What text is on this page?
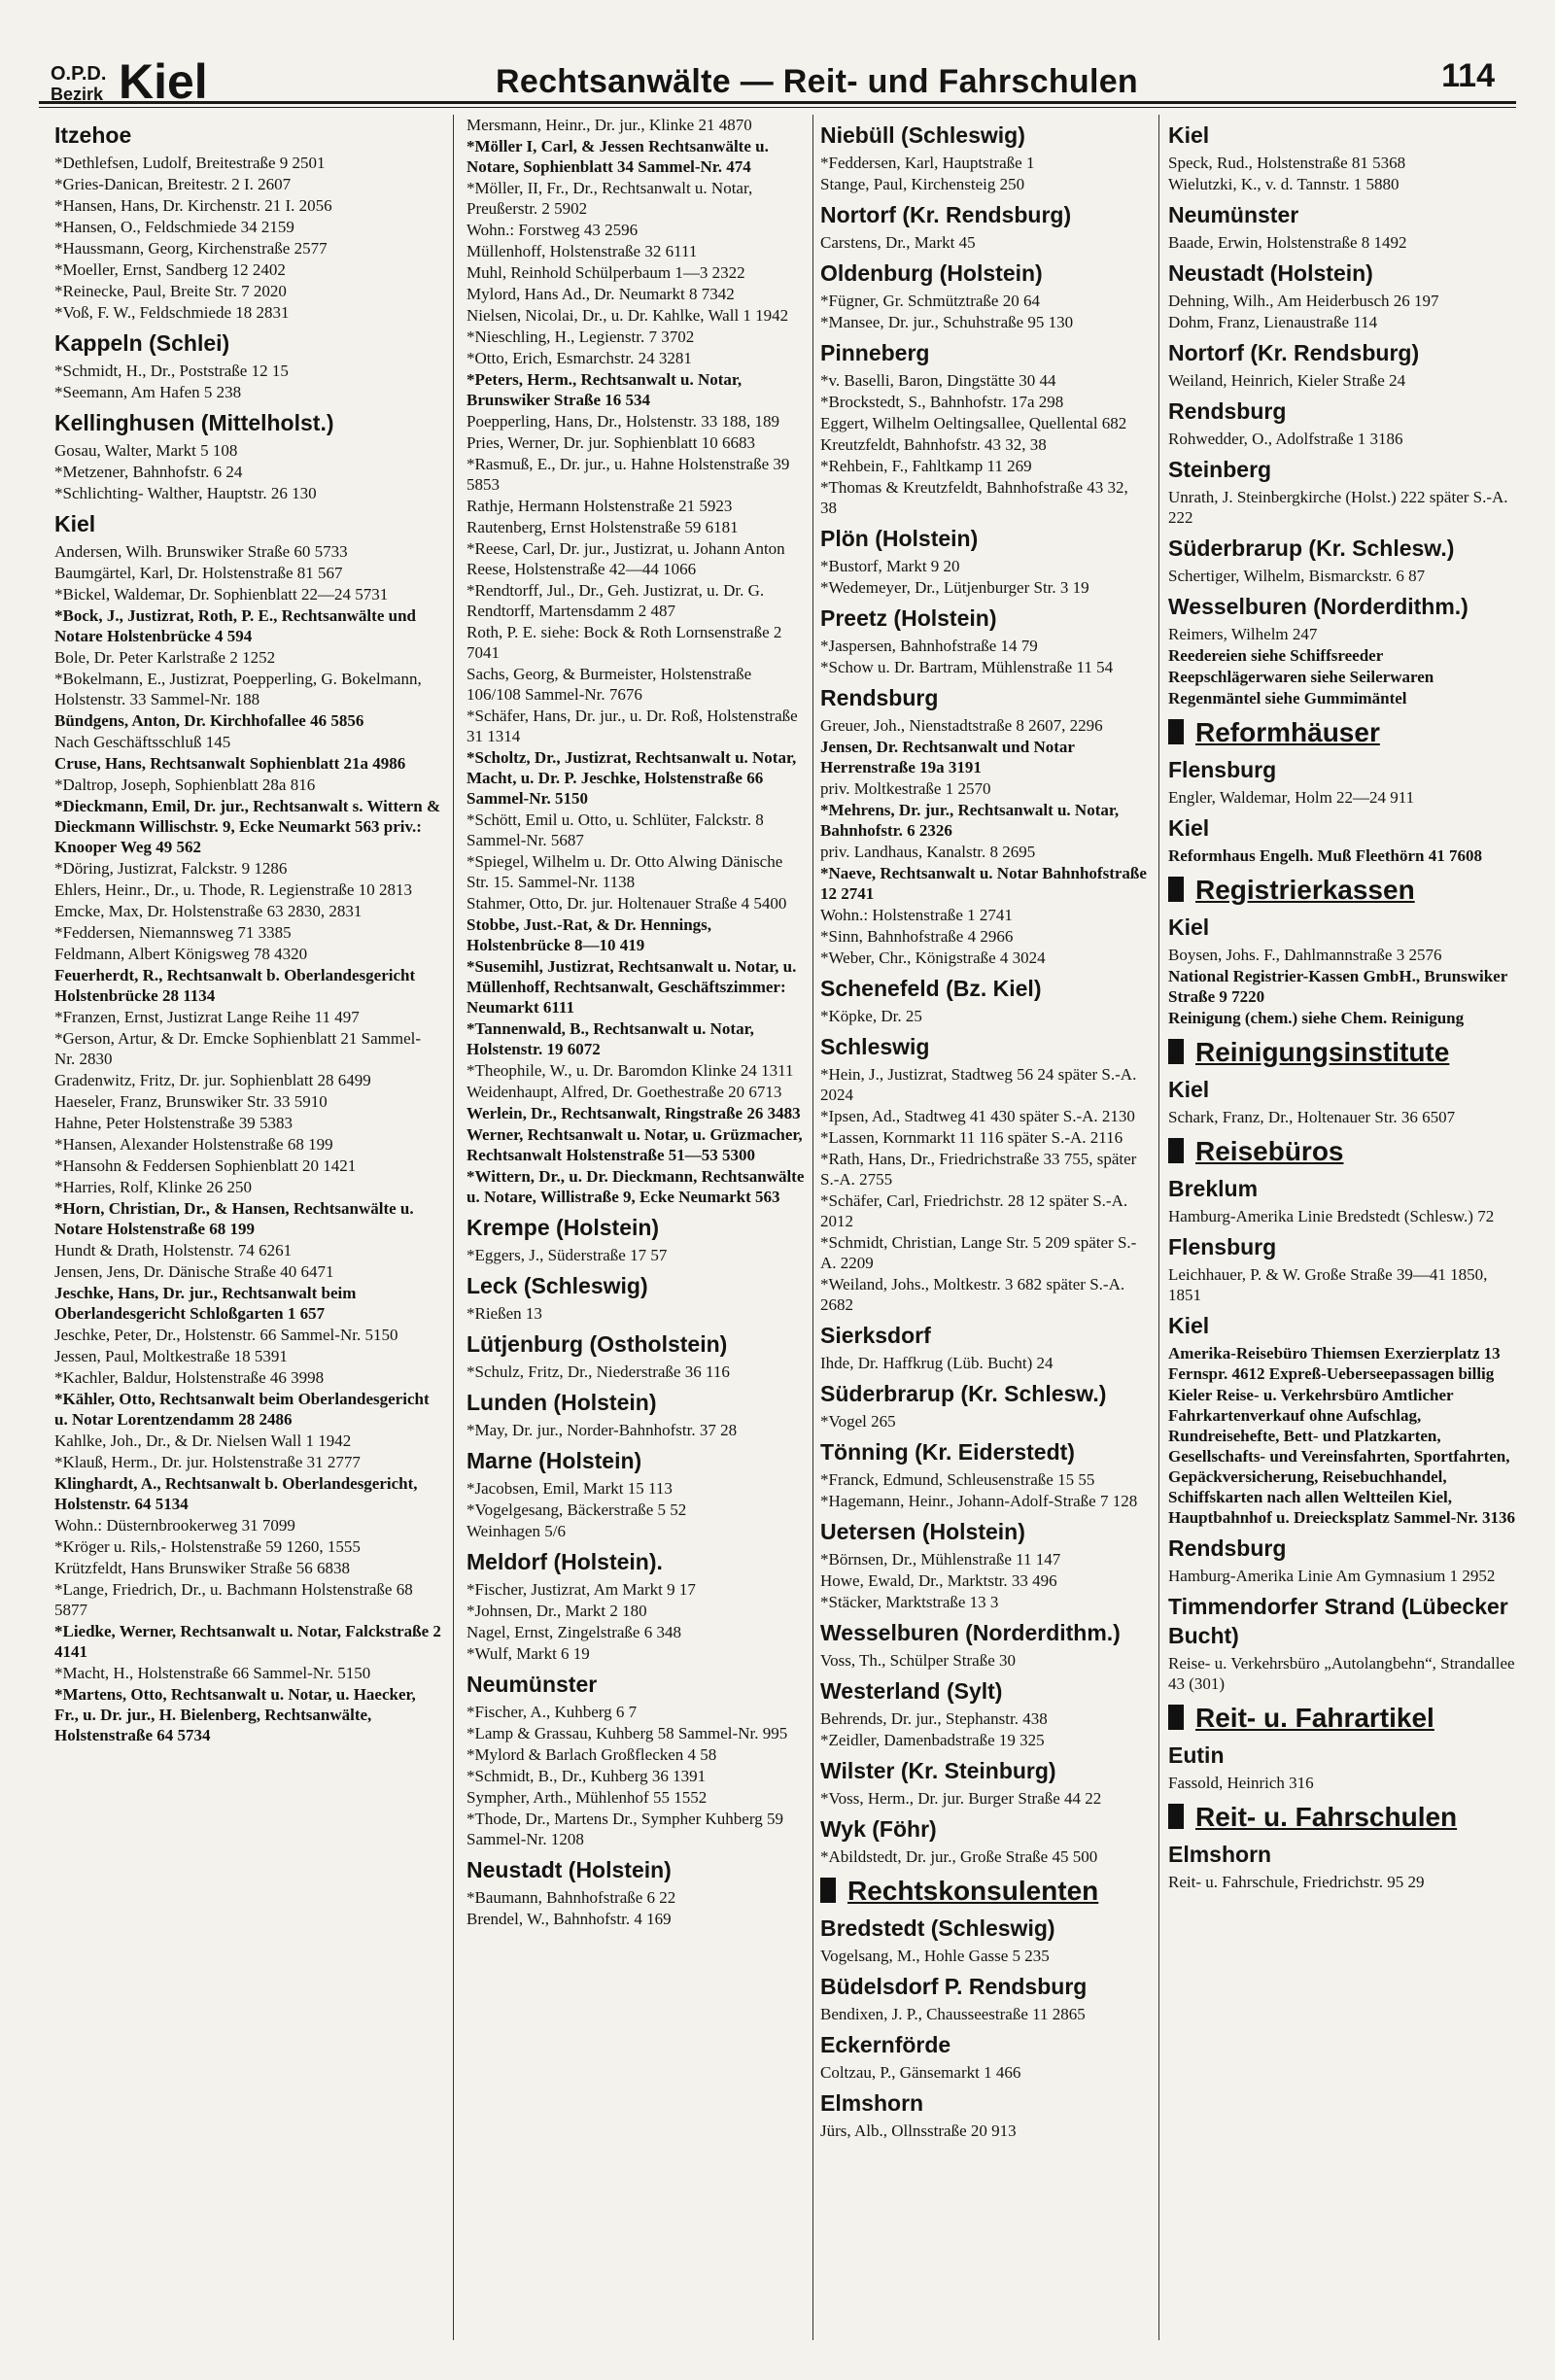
O.P.D.
Bezirk Kiel	Rechtsanwälte — Reit- und Fahrschulen	114
Itzehoe
*Dethlefsen, Ludolf, Breitestraße 9 2501
*Gries-Danican, Breitestr. 2 I. 2607
*Hansen, Hans, Dr. Kirchenstr. 21 I. 2056
*Hansen, O., Feldschmiede 34 2159
*Haussmann, Georg, Kirchenstraße 2577
*Moeller, Ernst, Sandberg 12 2402
*Reinecke, Paul, Breite Str. 7 2020
*Voß, F. W., Feldschmiede 18 2831
Kappeln (Schlei)
*Schmidt, H., Dr., Poststraße 12 15
*Seemann, Am Hafen 5 238
Kellinghusen (Mittelholst.)
Gosau, Walter, Markt 5 108
*Metzener, Bahnhofstr. 6 24
*Schlichting- Walther, Hauptstr. 26 130
Kiel
Andersen, Wilh. Brunswiker Straße 60 5733
Baumgärtel, Karl, Dr. Holstenstraße 81 567
*Bickel, Waldemar, Dr. Sophienblatt 22—24 5731
*Bock, J., Justizrat, Roth, P. E., Rechtsanwälte und Notare Holstenbrücke 4 594
Bole, Dr. Peter Karlstraße 2 1252
*Bokelmann, E., Justizrat, Poepperling, G. Bokelmann, Holstenstr. 33 Sammel-Nr. 188
Bündgens, Anton, Dr. Kirchhofallee 46 5856
Nach Geschäftsschluß 145
Cruse, Hans, Rechtsanwalt Sophienblatt 21a 4986
*Daltrop, Joseph, Sophienblatt 28a 816
*Dieckmann, Emil, Dr. jur., Rechtsanwalt s. Wittern & Dieckmann Willischstr. 9, Ecke Neumarkt 563 priv.: Knooper Weg 49 562
*Döring, Justizrat, Falckstr. 9 1286
Ehlers, Heinr., Dr., u. Thode, R. Legienstraße 10 2813
Emcke, Max, Dr. Holstenstraße 63 2830, 2831
*Feddersen, Niemannsweg 71 3385
Feldmann, Albert Königsweg 78 4320
Feuerherdt, R., Rechtsanwalt b. Oberlandesgericht Holstenbrücke 28 1134
*Franzen, Ernst, Justizrat Lange Reihe 11 497
*Gerson, Artur, & Dr. Emcke Sophienblatt 21 Sammel-Nr. 2830
Gradenwitz, Fritz, Dr. jur. Sophienblatt 28 6499
Haeseler, Franz, Brunswiker Str. 33 5910
Hahne, Peter Holstenstraße 39 5383
*Hansen, Alexander Holstenstraße 68 199
*Hansohn & Feddersen Sophienblatt 20 1421
*Harries, Rolf, Klinke 26 250
*Horn, Christian, Dr., & Hansen, Rechtsanwälte u. Notare Holstenstraße 68 199
Hundt & Drath, Holstenstr. 74 6261
Jensen, Jens, Dr. Dänische Straße 40 6471
Jeschke, Hans, Dr. jur., Rechtsanwalt beim Oberlandesgericht Schloßgarten 1 657
Jeschke, Peter, Dr., Holstenstr. 66 Sammel-Nr. 5150
Jessen, Paul, Moltkestraße 18 5391
*Kachler, Baldur, Holstenstraße 46 3998
*Kähler, Otto, Rechtsanwalt beim Oberlandesgericht u. Notar Lorentzendamm 28 2486
Kahlke, Joh., Dr., & Dr. Nielsen Wall 1 1942
*Klauß, Herm., Dr. jur. Holstenstraße 31 2777
Klinghardt, A., Rechtsanwalt b. Oberlandesgericht, Holstenstr. 64 5134
Wohn.: Düsternbrookerweg 31 7099
*Kröger u. Rils,- Holstenstraße 59 1260, 1555
Krützfeldt, Hans Brunswiker Straße 56 6838
*Lange, Friedrich, Dr., u. Bachmann Holstenstraße 68 5877
*Liedke, Werner, Rechtsanwalt u. Notar, Falckstraße 2 4141
*Macht, H., Holstenstraße 66 Sammel-Nr. 5150
*Martens, Otto, Rechtsanwalt u. Notar, u. Haecker, Fr., u. Dr. jur., H. Bielenberg, Rechtsanwälte, Holstenstraße 64 5734
Mersmann, Heinr., Dr. jur., Klinke 21 4870
*Möller I, Carl, & Jessen Rechtsanwälte u. Notare, Sophienblatt 34 Sammel-Nr. 474
*Möller, II, Fr., Dr., Rechtsanwalt u. Notar, Preußerstr. 2 5902
Wohn.: Forstweg 43 2596
Müllenhoff, Holstenstraße 32 6111
Muhl, Reinhold Schülperbaum 1—3 2322
Mylord, Hans Ad., Dr. Neumarkt 8 7342
Nielsen, Nicolai, Dr., u. Dr. Kahlke, Wall 1 1942
*Nieschling, H., Legienstr. 7 3702
*Otto, Erich, Esmarchstr. 24 3281
*Peters, Herm., Rechtsanwalt u. Notar, Brunswiker Straße 16 534
Poepperling, Hans, Dr., Holstenstr. 33 188, 189
Pries, Werner, Dr. jur. Sophienblatt 10 6683
*Rasmuß, E., Dr. jur., u. Hahne Holstenstraße 39 5853
Rathje, Hermann Holstenstraße 21 5923
Rautenberg, Ernst Holstenstraße 59 6181
*Reese, Carl, Dr. jur., Justizrat, u. Johann Anton Reese, Holstenstraße 42—44 1066
*Rendtorff, Jul., Dr., Geh. Justizrat, u. Dr. G. Rendtorff, Martensdamm 2 487
Roth, P. E. siehe: Bock & Roth Lornsenstraße 2 7041
Sachs, Georg, & Burmeister, Holstenstraße 106/108 Sammel-Nr. 7676
*Schäfer, Hans, Dr. jur., u. Dr. Roß, Holstenstraße 31 1314
*Scholtz, Dr., Justizrat, Rechtsanwalt u. Notar, Macht, u. Dr. P. Jeschke, Holstenstraße 66 Sammel-Nr. 5150
*Schött, Emil u. Otto, u. Schlüter, Falckstr. 8 Sammel-Nr. 5687
*Spiegel, Wilhelm u. Dr. Otto Alwing Dänische Str. 15. Sammel-Nr. 1138
Stahmer, Otto, Dr. jur. Holtenauer Straße 4 5400
Stobbe, Just.-Rat, & Dr. Hennings, Holstenbrücke 8—10 419
*Susemihl, Justizrat, Rechtsanwalt u. Notar, u. Müllenhoff, Rechtsanwalt, Geschäftszimmer: Neumarkt 6111
*Tannenwald, B., Rechtsanwalt u. Notar, Holstenstr. 19 6072
*Theophile, W., u. Dr. Baromdon Klinke 24 1311
Weidenhaupt, Alfred, Dr. Goethestraße 20 6713
Werlein, Dr., Rechtsanwalt, Ringstraße 26 3483
Werner, Rechtsanwalt u. Notar, u. Grüzmacher, Rechtsanwalt Holstenstraße 51—53 5300
*Wittern, Dr., u. Dr. Dieckmann, Rechtsanwälte u. Notare, Willistraße 9, Ecke Neumarkt 563
Krempe (Holstein)
*Eggers, J., Süderstraße 17 57
Leck (Schleswig)
*Rießen 13
Lütjenburg (Ostholstein)
*Schulz, Fritz, Dr., Niederstraße 36 116
Lunden (Holstein)
*May, Dr. jur., Norder-Bahnhofstr. 37 28
Marne (Holstein)
*Jacobsen, Emil, Markt 15 113
*Vogelgesang, Bäckerstraße 5 52
Weinhagen 5/6
Meldorf (Holstein).
*Fischer, Justizrat, Am Markt 9 17
*Johnsen, Dr., Markt 2 180
Nagel, Ernst, Zingelstraße 6 348
*Wulf, Markt 6 19
Neumünster
*Fischer, A., Kuhberg 6 7
*Lamp & Grassau, Kuhberg 58 Sammel-Nr. 995
*Mylord & Barlach Großflecken 4 58
*Schmidt, B., Dr., Kuhberg 36 1391
Sympher, Arth., Mühlenhof 55 1552
*Thode, Dr., Martens Dr., Sympher Kuhberg 59 Sammel-Nr. 1208
Neustadt (Holstein)
*Baumann, Bahnhofstraße 6 22
Brendel, W., Bahnhofstr. 4 169
Niebüll (Schleswig)
*Feddersen, Karl, Hauptstraße 1
Stange, Paul, Kirchensteig 250
Nortorf (Kr. Rendsburg)
Carstens, Dr., Markt 45
Oldenburg (Holstein)
*Fügner, Gr. Schmütztraße 20 64
*Mansee, Dr. jur., Schuhstraße 95 130
Pinneberg
*v. Baselli, Baron, Dingstätte 30 44
*Brockstedt, S., Bahnhofstr. 17a 298
Eggert, Wilhelm Oeltingsallee, Quellental 682
Kreutzfeldt, Bahnhofstr. 43 32, 38
*Rehbein, F., Fahltkamp 11 269
*Thomas & Kreutzfeldt, Bahnhofstraße 43 32, 38
Plön (Holstein)
*Bustorf, Markt 9 20
*Wedemeyer, Dr., Lütjenburger Str. 3 19
Preetz (Holstein)
*Jaspersen, Bahnhofstraße 14 79
*Schow u. Dr. Bartram, Mühlenstraße 11 54
Rendsburg
Greuer, Joh., Nienstadtstraße 8 2607, 2296
Jensen, Dr. Rechtsanwalt und Notar Herrenstraße 19a 3191
priv. Moltkestraße 1 2570
*Mehrens, Dr. jur., Rechtsanwalt u. Notar, Bahnhofstr. 6 2326
priv. Landhaus, Kanalstr. 8 2695
*Naeve, Rechtsanwalt u. Notar Bahnhofstraße 12 2741
Wohn.: Holstenstraße 1 2741
*Sinn, Bahnhofstraße 4 2966
*Weber, Chr., Königstraße 4 3024
Schenefeld (Bz. Kiel)
*Köpke, Dr. 25
Schleswig
*Hein, J., Justizrat, Stadtweg 56 24 später S.-A. 2024
*Ipsen, Ad., Stadtweg 41 430 später S.-A. 2130
*Lassen, Kornmarkt 11 116 später S.-A. 2116
*Rath, Hans, Dr., Friedrichstraße 33 755, später S.-A. 2755
*Schäfer, Carl, Friedrichstr. 28 12 später S.-A. 2012
*Schmidt, Christian, Lange Str. 5 209 später S.-A. 2209
*Weiland, Johs., Moltkestr. 3 682 später S.-A. 2682
Sierksdorf
Ihde, Dr. Haffkrug (Lüb. Bucht) 24
Süderbrarup (Kr. Schlesw.)
*Vogel 265
Tönning (Kr. Eiderstedt)
*Franck, Edmund, Schleusenstraße 15 55
*Hagemann, Heinr., Johann-Adolf-Straße 7 128
Uetersen (Holstein)
*Börnsen, Dr., Mühlenstraße 11 147
Howe, Ewald, Dr., Marktstr. 33 496
*Stäcker, Marktstraße 13 3
Wesselburen (Norderdithm.)
Voss, Th., Schülper Straße 30
Westerland (Sylt)
Behrends, Dr. jur., Stephanstr. 438
*Zeidler, Damenbadstraße 19 325
Wilster (Kr. Steinburg)
*Voss, Herm., Dr. jur. Burger Straße 44 22
Wyk (Föhr)
*Abildstedt, Dr. jur., Große Straße 45 500
Rechtskonsulenten
Bredstedt (Schleswig)
Vogelsang, M., Hohle Gasse 5 235
Büdelsdorf P. Rendsburg
Bendixen, J. P., Chausseestraße 11 2865
Eckernförde
Coltzau, P., Gänsemarkt 1 466
Elmshorn
Jürs, Alb., Ollnsstraße 20 913
Kiel
Speck, Rud., Holstenstraße 81 5368
Wielutzki, K., v. d. Tannstr. 1 5880
Neumünster
Baade, Erwin, Holstenstraße 8 1492
Neustadt (Holstein)
Dehning, Wilh., Am Heiderbusch 26 197
Dohm, Franz, Lienaustraße 114
Nortorf (Kr. Rendsburg)
Weiland, Heinrich, Kieler Straße 24
Rendsburg
Rohwedder, O., Adolfstraße 1 3186
Steinberg
Unrath, J. Steinbergkirche (Holst.) 222 später S.-A. 222
Süderbrarup (Kr. Schlesw.)
Schertiger, Wilhelm, Bismarckstr. 6 87
Wesselburen (Norderdithm.)
Reimers, Wilhelm 247
Reedereien siehe Schiffsreeder
Reepschlägerwaren siehe Seilerwaren
Regenmäntel siehe Gummimäntel
Reformhäuser
Flensburg
Engler, Waldemar, Holm 22—24 911
Kiel
Reformhaus Engelh. Muß Fleethörn 41 7608
Registrierkassen
Kiel
Boysen, Johs. F., Dahlmannstraße 3 2576
National Registrier-Kassen GmbH., Brunswiker Straße 9 7220
Reinigung (chem.) siehe Chem. Reinigung
Reinigungsinstitute
Kiel
Schark, Franz, Dr., Holtenauer Str. 36 6507
Reisebüros
Breklum
Hamburg-Amerika Linie Bredstedt (Schlesw.) 72
Flensburg
Leichhauer, P. & W. Große Straße 39—41 1850, 1851
Kiel
Amerika-Reisebüro Thiemsen Exerzierplatz 13 Fernspr. 4612 Expreß-Ueberseepassagen billig
Kieler Reise- u. Verkehrsbüro Amtlicher Fahrkartenverkauf ohne Aufschlag, Rundreisehefte, Bett- und Platzkarten, Gesellschafts- und Vereinsfahrten, Sportfahrten, Gepäckversicherung, Reisebuchhandel, Schiffskarten nach allen Weltteilen Kiel, Hauptbahnhof u. Dreiecksplatz Sammel-Nr. 3136
Rendsburg
Hamburg-Amerika Linie Am Gymnasium 1 2952
Timmendorfer Strand (Lübecker Bucht)
Reise- u. Verkehrsbüro „Autolangbehn“, Strandallee 43 (301)
Reit- u. Fahrartikel
Eutin
Fassold, Heinrich 316
Reit- u. Fahrschulen
Elmshorn
Reit- u. Fahrschule, Friedrichstr. 95 29
